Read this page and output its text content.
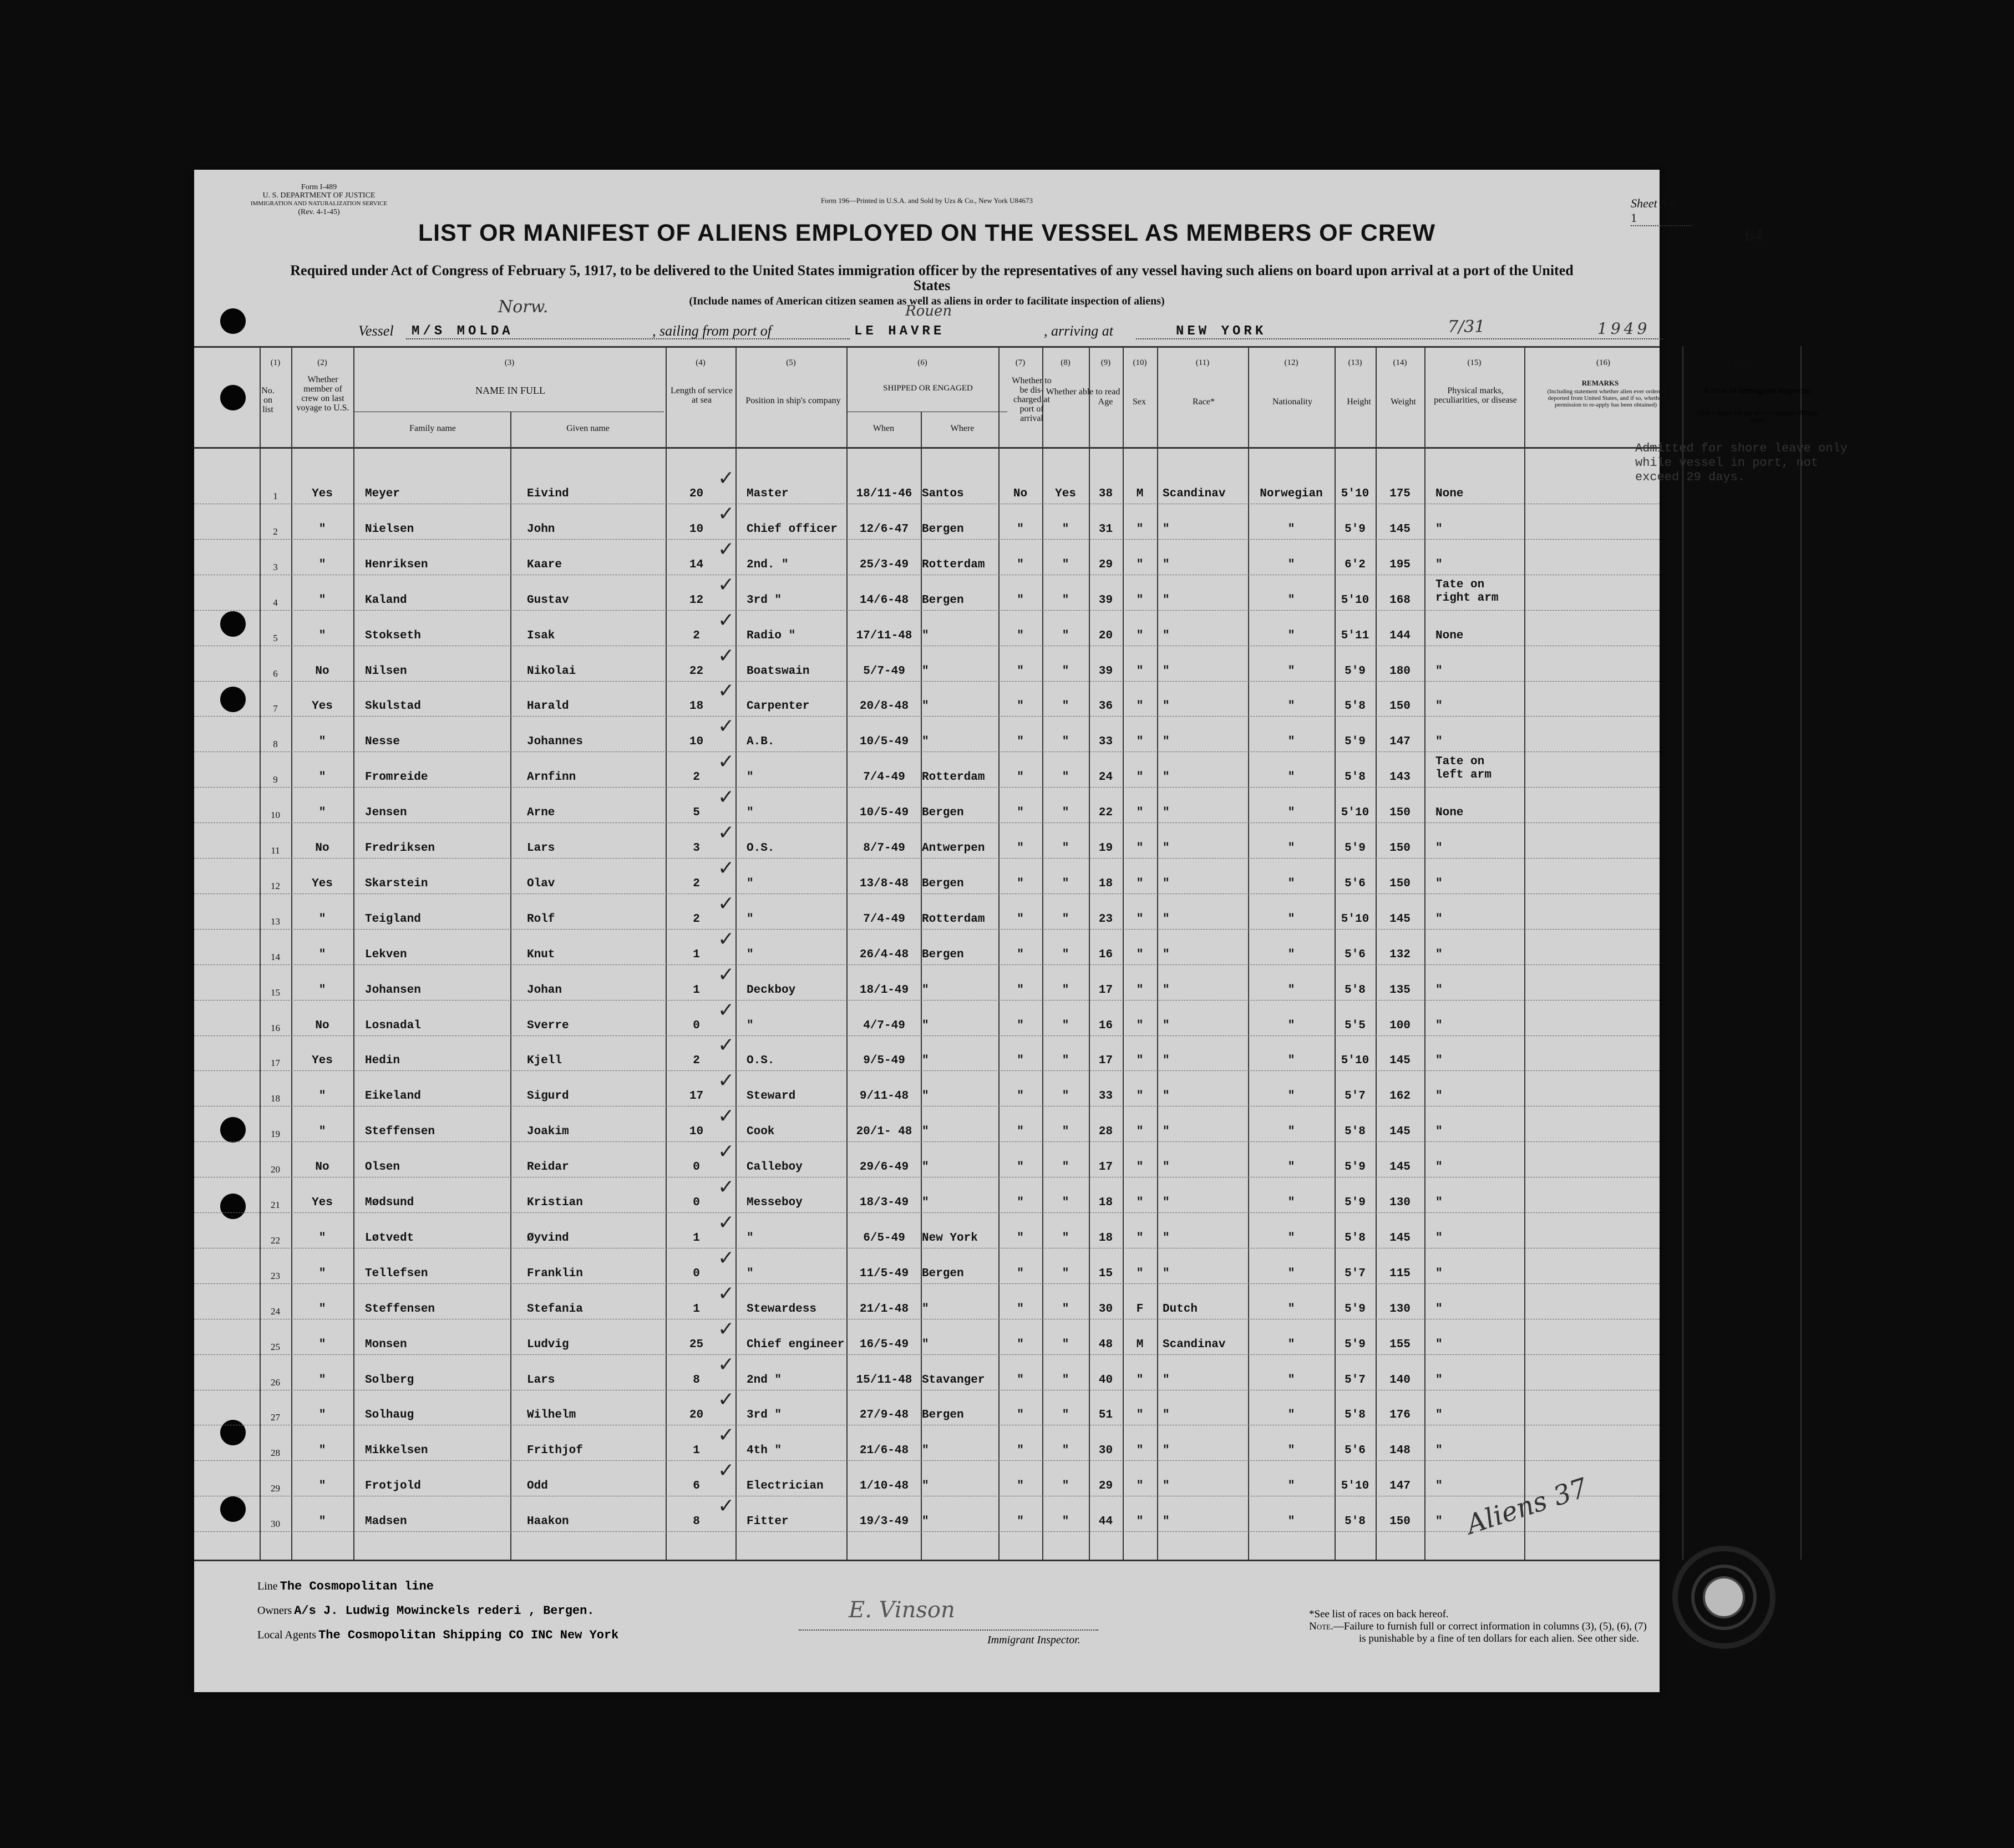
Form I-489
U. S. DEPARTMENT OF JUSTICE
IMMIGRATION AND NATURALIZATION SERVICE
(Rev. 4-1-45)
Form 196—Printed in U.S.A. and Sold by Uzs & Co., New York U84673	Sheet No. 1
64
LIST OR MANIFEST OF ALIENS EMPLOYED ON THE VESSEL AS MEMBERS OF CREW
Required under Act of Congress of February 5, 1917, to be delivered to the United States immigration officer by the representatives of any vessel having such aliens on board upon arrival at a port of the United States
(Include names of American citizen seamen as well as aliens in order to facilitate inspection of aliens)
Vessel M/S MOLDA
Norw.
, sailing from port of	LE HAVRE
Rouen
, arriving at	NEW YORK	7/31	1949
No. on list
Whether member of crew on last voyage to U.S.
NAME IN FULL
Family name	Given name
Length of service at sea	Position in ship's company
SHIPPED OR ENGAGED
When	Where
Whether to be dis-charged at port of arrival
Whether able to read
Age	Sex	Race*	Nationality	Height	Weight
Physical marks, peculiarities, or disease
REMARKS
(Including statement whether alien ever ordered deported from United States, and if so, whether permission to re-apply has been obtained)
(1)	(2)	(3)	(4)	(5)	(6)	(7)	(8)	(9)	(10)	(11)	(12)	(13)	(14)	(15)	(16)	(17)
1	Yes	Meyer	Eivind	20	Master	18/11-46 Santos	No	Yes	38	M	Scandinav	Norwegian	5'10	175	None
✓
2	"	Nielsen	John	10	Chief officer	12/6-47	Bergen	"	"	31	"	"	"	5'9	145	"
✓
3	"	Henriksen	Kaare	14	2nd. "	25/3-49	Rotterdam	"	"	29	"	"	"	6'2	195	"
✓
4	"	Kaland	Gustav	12	3rd "	14/6-48	Bergen	"	"	39	"	"	"	5'10	168
Tate on
right arm
✓
5	"	Stokseth	Isak	2	Radio "	17/11-48 "	"	"	20	"	"	"	5'11	144	None
✓
6	No	Nilsen	Nikolai	22	Boatswain	5/7-49	"	"	"	39	"	"	"	5'9	180	"
✓
7	Yes	Skulstad	Harald	18	Carpenter	20/8-48	"	"	"	36	"	"	"	5'8	150	"
✓
8	"	Nesse	Johannes	10	A.B.	10/5-49	"	"	"	33	"	"	"	5'9	147	"
✓
9	"	Fromreide	Arnfinn	2	"	7/4-49	Rotterdam	"	"	24	"	"	"	5'8	143
Tate on
left arm
✓
10	"	Jensen	Arne	5	"	10/5-49	Bergen	"	"	22	"	"	"	5'10	150	None
✓
11	No	Fredriksen	Lars	3	O.S.	8/7-49	Antwerpen	"	"	19	"	"	"	5'9	150	"
✓
12	Yes	Skarstein	Olav	2	"	13/8-48	Bergen	"	"	18	"	"	"	5'6	150	"
✓
13	"	Teigland	Rolf	2	"	7/4-49	Rotterdam	"	"	23	"	"	"	5'10	145	"
✓
14	"	Lekven	Knut	1	"	26/4-48	Bergen	"	"	16	"	"	"	5'6	132	"
✓
15	"	Johansen	Johan	1	Deckboy	18/1-49	"	"	"	17	"	"	"	5'8	135	"
✓
16	No	Losnadal	Sverre	0	"	4/7-49	"	"	"	16	"	"	"	5'5	100	"
✓
17	Yes	Hedin	Kjell	2	O.S.	9/5-49	"	"	"	17	"	"	"	5'10	145	"
✓
18	"	Eikeland	Sigurd	17	Steward	9/11-48	"	"	"	33	"	"	"	5'7	162	"
✓
19	"	Steffensen	Joakim	10	Cook	20/1- 48 "	"	"	28	"	"	"	5'8	145	"
✓
20	No	Olsen	Reidar	0	Calleboy	29/6-49	"	"	"	17	"	"	"	5'9	145	"
✓
21	Yes	Mødsund	Kristian	0	Messeboy	18/3-49	"	"	"	18	"	"	"	5'9	130	"
✓
22	"	Løtvedt	Øyvind	1	"	6/5-49	New York	"	"	18	"	"	"	5'8	145	"
✓
23	"	Tellefsen	Franklin	0	"	11/5-49	Bergen	"	"	15	"	"	"	5'7	115	"
✓
24	"	Steffensen	Stefania	1	Stewardess	21/1-48	"	"	"	30	F	Dutch	"	5'9	130	"
✓
25	"	Monsen	Ludvig	25	Chief engineer	16/5-49	"	"	"	48	M	Scandinav	"	5'9	155	"
✓
26	"	Solberg	Lars	8	2nd "	15/11-48 Stavanger	"	"	40	"	"	"	5'7	140	"
✓
27	"	Solhaug	Wilhelm	20	3rd "	27/9-48	Bergen	"	"	51	"	"	"	5'8	176	"
✓
28	"	Mikkelsen	Frithjof	1	4th "	21/6-48	"	"	"	30	"	"	"	5'6	148	"
✓
29	"	Frotjold	Odd	6	Electrician	1/10-48	"	"	"	29	"	"	"	5'10	147	"
✓
30	"	Madsen	Haakon	8	Fitter	19/3-49	"	"	"	44	"	"	"	5'8	150	"
✓
Action of Immigrant Inspector
(This column for use of Government officials only)
Admitted for shore leave only while vessel in port, not exceed 29 days.
Aliens 37
Line The Cosmopolitan line
Owners A/s J. Ludwig Mowinckels rederi , Bergen.
Local Agents The Cosmopolitan Shipping CO INC New York
E. Vinson
Immigrant Inspector.
*See list of races on back hereof.
Note.—Failure to furnish full or correct information in columns (3), (5), (6), (7)
is punishable by a fine of ten dollars for each alien. See other side.
